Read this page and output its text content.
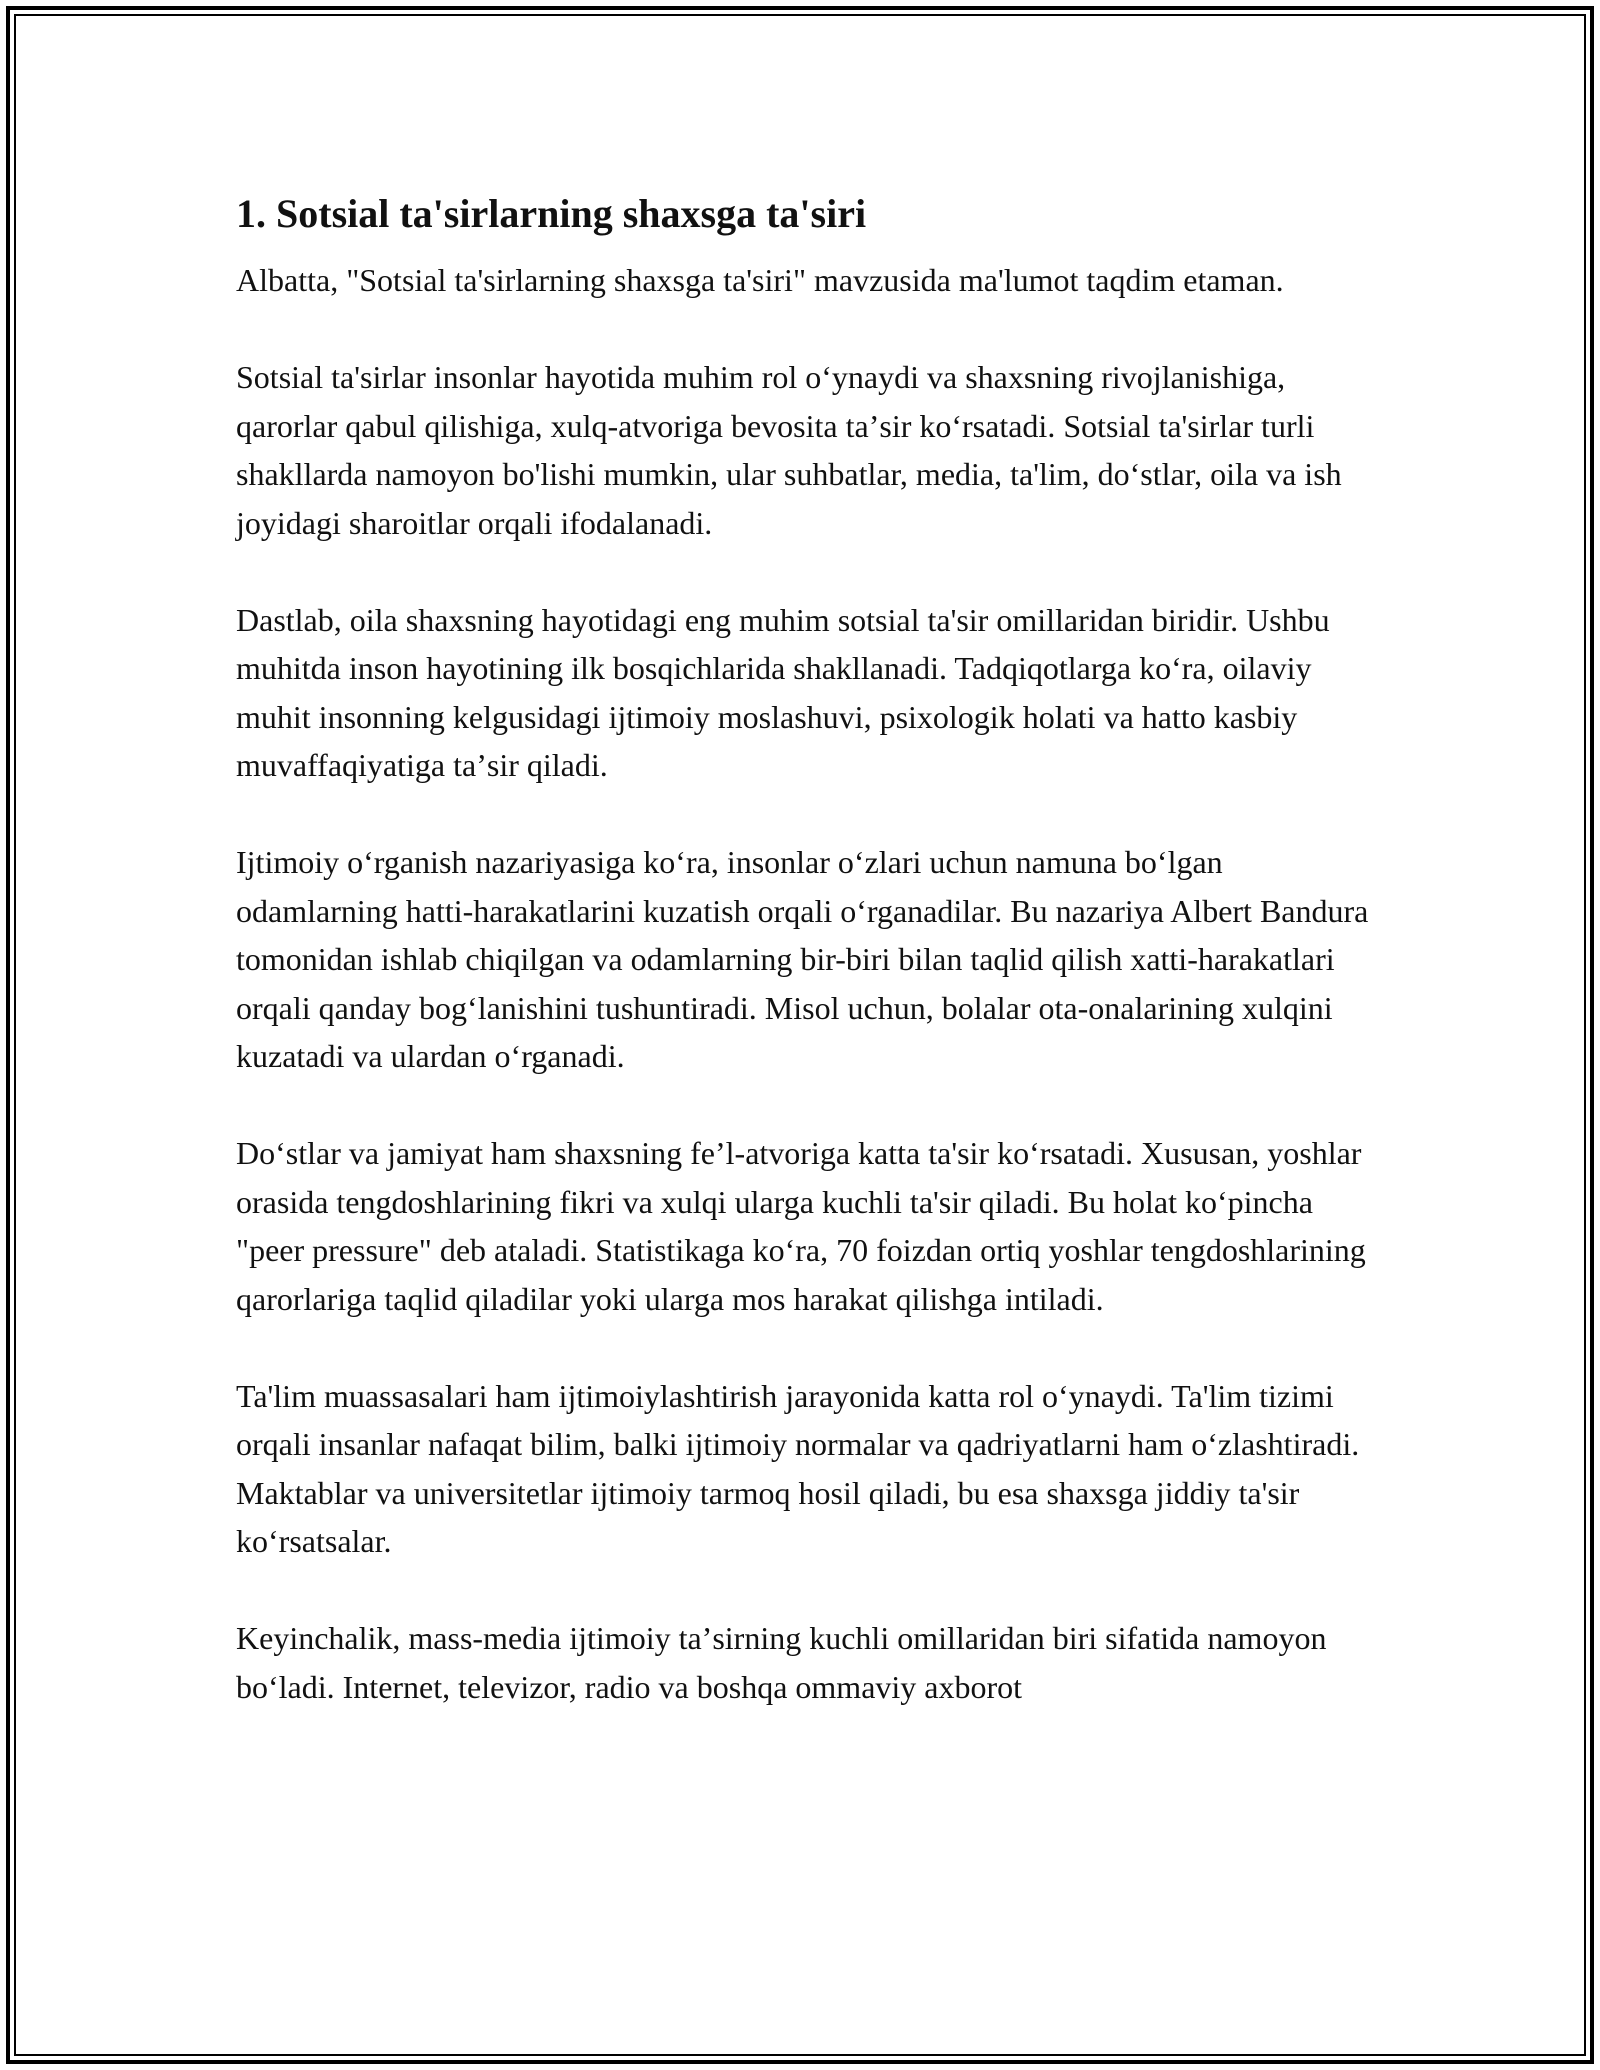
1. Sotsial ta'sirlarning shaxsga ta'siri

Albatta, "Sotsial ta'sirlarning shaxsga ta'siri" mavzusida ma'lumot taqdim etaman.

Sotsial ta'sirlar insonlar hayotida muhim rol oʻynaydi va shaxsning rivojlanishiga, qarorlar qabul qilishiga, xulq-atvoriga bevosita taʼsir koʻrsatadi. Sotsial ta'sirlar turli shakllarda namoyon bo'lishi mumkin, ular suhbatlar, media, ta'lim, doʻstlar, oila va ish joyidagi sharoitlar orqali ifodalanadi.

Dastlab, oila shaxsning hayotidagi eng muhim sotsial ta'sir omillaridan biridir. Ushbu muhitda inson hayotining ilk bosqichlarida shakllanadi. Tadqiqotlarga koʻra, oilaviy muhit insonning kelgusidagi ijtimoiy moslashuvi, psixologik holati va hatto kasbiy muvaffaqiyatiga taʼsir qiladi.

Ijtimoiy oʻrganish nazariyasiga koʻra, insonlar oʻzlari uchun namuna boʻlgan odamlarning hatti-harakatlarini kuzatish orqali oʻrganadilar. Bu nazariya Albert Bandura tomonidan ishlab chiqilgan va odamlarning bir-biri bilan taqlid qilish xatti-harakatlari orqali qanday bogʻlanishini tushuntiradi. Misol uchun, bolalar ota-onalarining xulqini kuzatadi va ulardan oʻrganadi.

Doʻstlar va jamiyat ham shaxsning feʼl-atvoriga katta ta'sir koʻrsatadi. Xususan, yoshlar orasida tengdoshlarining fikri va xulqi ularga kuchli ta'sir qiladi. Bu holat koʻpincha "peer pressure" deb ataladi. Statistikaga koʻra, 70 foizdan ortiq yoshlar tengdoshlarining qarorlariga taqlid qiladilar yoki ularga mos harakat qilishga intiladi.

Ta'lim muassasalari ham ijtimoiylashtirish jarayonida katta rol oʻynaydi. Ta'lim tizimi orqali insanlar nafaqat bilim, balki ijtimoiy normalar va qadriyatlarni ham oʻzlashtiradi. Maktablar va universitetlar ijtimoiy tarmoq hosil qiladi, bu esa shaxsga jiddiy ta'sir koʻrsatsalar.

Keyinchalik, mass-media ijtimoiy taʼsirning kuchli omillaridan biri sifatida namoyon boʻladi. Internet, televizor, radio va boshqa ommaviy axborot
